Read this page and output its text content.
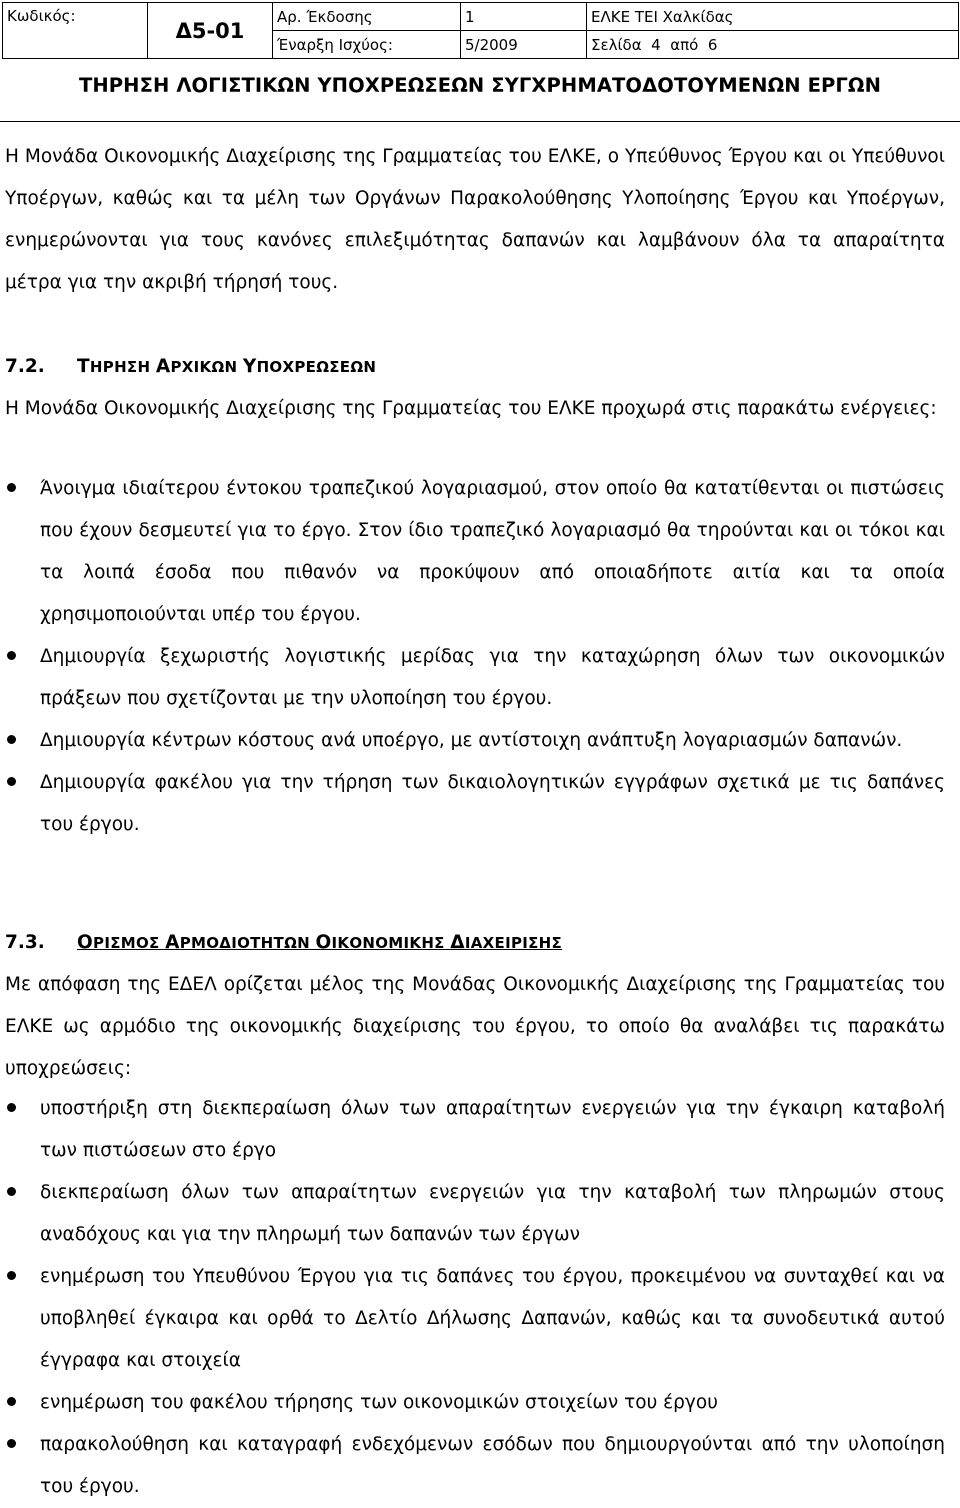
Κωδικός:	Δ5-01	Αρ. Έκδοσης	1	ΕΛΚΕ ΤΕΙ Χαλκίδας
		Έναρξη Ισχύος:	5/2009	Σελίδα  4  από  6
ΤΗΡΗΣΗ ΛΟΓΙΣΤΙΚΩΝ ΥΠΟΧΡΕΩΣΕΩΝ ΣΥΓΧΡΗΜΑΤΟΔΟΤΟΥΜΕΝΩΝ ΕΡΓΩΝ

Η Μονάδα Οικονομικής Διαχείρισης της Γραμματείας του ΕΛΚΕ, ο Υπεύθυνος Έργου και οι Υπεύθυνοι Υποέργων, καθώς και τα μέλη των Οργάνων Παρακολούθησης Υλοποίησης Έργου και Υποέργων, ενημερώνονται για τους κανόνες επιλεξιμότητας δαπανών και λαμβάνουν όλα τα απαραίτητα μέτρα για την ακριβή τήρησή τους.

7.2.	ΤΗΡΗΣΗ ΑΡΧΙΚΩΝ ΥΠΟΧΡΕΩΣΕΩΝ

Η Μονάδα Οικονομικής Διαχείρισης της Γραμματείας του ΕΛΚΕ προχωρά στις παρακάτω ενέργειες:

Άνοιγμα ιδιαίτερου έντοκου τραπεζικού λογαριασμού, στον οποίο θα κατατίθενται οι πιστώσεις που έχουν δεσμευτεί για το έργο. Στον ίδιο τραπεζικό λογαριασμό θα τηρούνται και οι τόκοι και τα λοιπά έσοδα που πιθανόν να προκύψουν από οποιαδήποτε αιτία και τα οποία χρησιμοποιούνται υπέρ του έργου.
Δημιουργία ξεχωριστής λογιστικής μερίδας για την καταχώρηση όλων των οικονομικών πράξεων που σχετίζονται με την υλοποίηση του έργου.
Δημιουργία κέντρων κόστους ανά υποέργο, με αντίστοιχη ανάπτυξη λογαριασμών δαπανών.
Δημιουργία φακέλου για την τήρηση των δικαιολογητικών εγγράφων σχετικά με τις δαπάνες του έργου.
7.3.	ΟΡΙΣΜΟΣ ΑΡΜΟΔΙΟΤΗΤΩΝ ΟΙΚΟΝΟΜΙΚΗΣ ΔΙΑΧΕΙΡΙΣΗΣ

Με απόφαση της ΕΔΕΛ ορίζεται μέλος της Μονάδας Οικονομικής Διαχείρισης της Γραμματείας του ΕΛΚΕ ως αρμόδιο της οικονομικής διαχείρισης του έργου, το οποίο θα αναλάβει τις παρακάτω υποχρεώσεις:

υποστήριξη στη διεκπεραίωση όλων των απαραίτητων ενεργειών για την έγκαιρη καταβολή των πιστώσεων στο έργο
διεκπεραίωση όλων των απαραίτητων ενεργειών για την καταβολή των πληρωμών στους αναδόχους και για την πληρωμή των δαπανών των έργων
ενημέρωση του Υπευθύνου Έργου για τις δαπάνες του έργου, προκειμένου να συνταχθεί και να υποβληθεί έγκαιρα και ορθά το Δελτίο Δήλωσης Δαπανών, καθώς και τα συνοδευτικά αυτού έγγραφα και στοιχεία
ενημέρωση του φακέλου τήρησης των οικονομικών στοιχείων του έργου
παρακολούθηση και καταγραφή ενδεχόμενων εσόδων που δημιουργούνται από την υλοποίηση του έργου.
